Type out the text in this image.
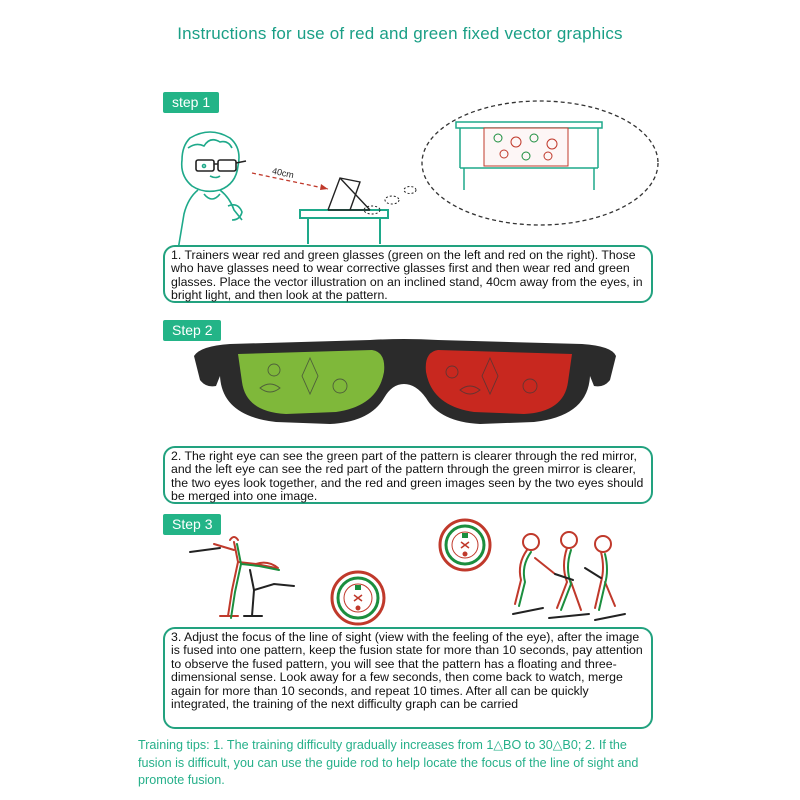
Instructions for use of red and green fixed vector graphics
step 1
40cm
1. Trainers wear red and green glasses (green on the left and red on the right). Those who have glasses need to wear corrective glasses first and then wear red and green glasses. Place the vector illustration on an inclined stand, 40cm away from the eyes, in bright light, and then look at the pattern.
Step 2
2. The right eye can see the green part of the pattern is clearer through the red mirror, and the left eye can see the red part of the pattern through the green mirror is clearer, the two eyes look together, and the red and green images seen by the two eyes should be merged into one image.
Step 3
3. Adjust the focus of the line of sight (view with the feeling of the eye), after the image is fused into one pattern, keep the fusion state for more than 10 seconds, pay attention to observe the fused pattern, you will see that the pattern has a floating and three-dimensional sense. Look away for a few seconds, then come back to watch, merge again for more than 10 seconds, and repeat 10 times. After all can be quickly integrated, the training of the next difficulty graph can be carried
Training tips: 1. The training difficulty gradually increases from 1△BO to 30△B0; 2. If the fusion is difficult, you can use the guide rod to help locate the focus of the line of sight and promote fusion.
